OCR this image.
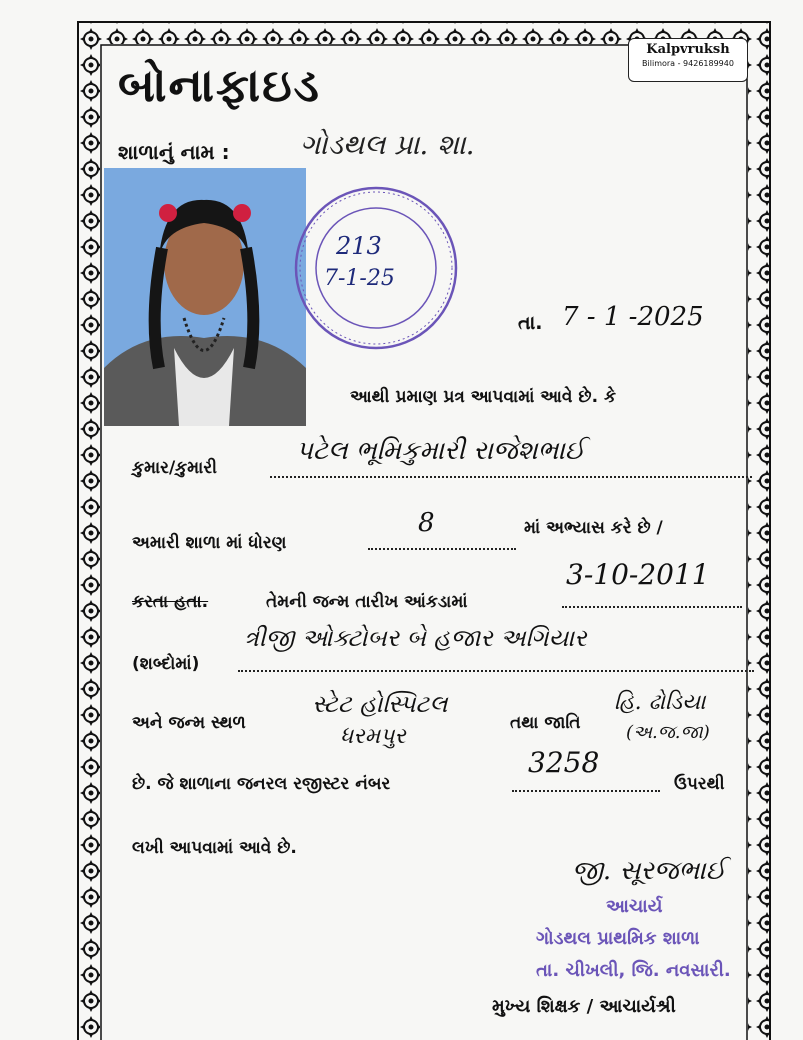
Kalpvruksh
Bilimora - 9426189940
બોનાફાઇડ
શાળાનું નામ :	ગોડથલ પ્રા. શા.
213
7-1-25
તા. 7 - 1 -2025
આથી પ્રમાણ પ્રત્ર આપવામાં આવે છે. કે
કુમાર/કુમારી
પટેલ ભૂમિકુમારી રાજેશભાઈ
અમારી શાળા માં ધોરણ
8	માં અભ્યાસ કરે છે /
કરતા હતા.	તેમની જન્મ તારીખ આંકડામાં
3-10-2011
(શબ્દોમાં)
ત્રીજી ઓક્ટોબર બે હજાર અગિયાર
અને જન્મ સ્થળ
સ્ટેટ હોસ્પિટલ
ધરમપુર
તથા જાતિ
હિ. ઢોડિયા
(અ.જ.જા)
છે. જે શાળાના જનરલ રજીસ્ટર નંબર
3258
ઉપરથી
લખી આપવામાં આવે છે.
જી. સૂરજભાઈ
આચાર્ય
ગોડથલ પ્રાથમિક શાળા
તા. ચીખલી, જિ. નવસારી.
મુખ્ય શિક્ષક / આચાર્યશ્રી
